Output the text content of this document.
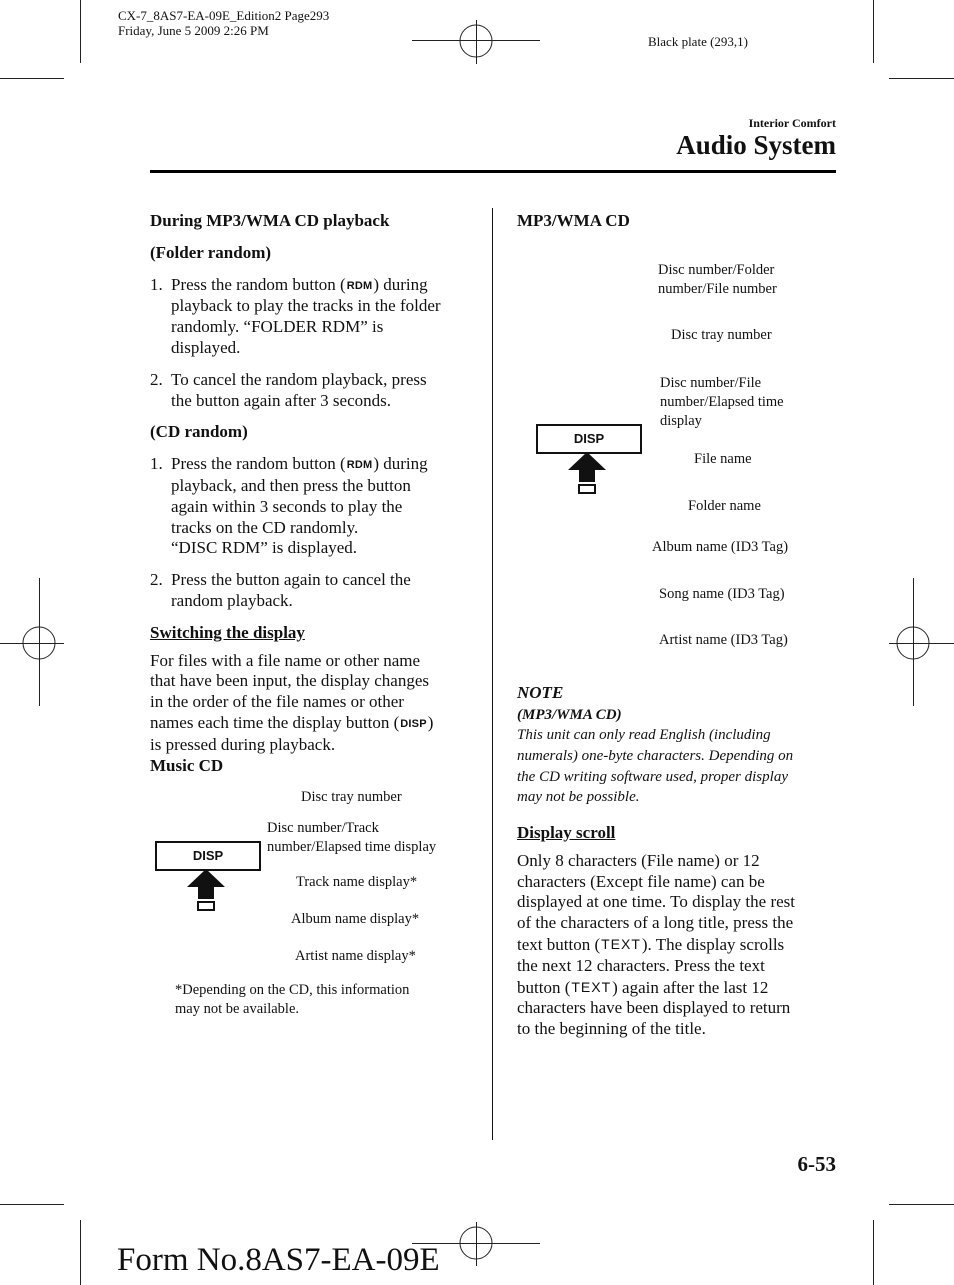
CX-7_8AS7-EA-09E_Edition2 Page293
Friday, June 5 2009 2:26 PM
Black plate (293,1)
Interior Comfort
Audio System

During MP3/WMA CD playback

(Folder random)

1. Press the random button (RDM) during
playback to play the tracks in the folder
randomly. “FOLDER RDM” is
displayed.
2. To cancel the random playback, press
the button again after 3 seconds.

(CD random)

1. Press the random button (RDM) during
playback, and then press the button
again within 3 seconds to play the
tracks on the CD randomly.
“DISC RDM” is displayed.
2. Press the button again to cancel the
random playback.

Switching the display

For files with a file name or other name
that have been input, the display changes
in the order of the file names or other
names each time the display button (DISP)
is pressed during playback.

Music CD

DISP
Disc tray number
Disc number/Track
number/Elapsed time display
Track name display*
Album name display*
Artist name display*
*Depending on the CD, this information
may not be available.
MP3/WMA CD
DISP
Disc number/Folder
number/File number
Disc tray number
Disc number/File
number/Elapsed time
display
File name
Folder name
Album name (ID3 Tag)
Song name (ID3 Tag)
Artist name (ID3 Tag)
NOTE
(MP3/WMA CD)
This unit can only read English (including
numerals) one-byte characters. Depending on
the CD writing software used, proper display
may not be possible.

Display scroll

Only 8 characters (File name) or 12
characters (Except file name) can be
displayed at one time. To display the rest
of the characters of a long title, press the
text button (TEXT). The display scrolls
the next 12 characters. Press the text
button (TEXT) again after the last 12
characters have been displayed to return
to the beginning of the title.
6-53
Form No.8AS7-EA-09E
